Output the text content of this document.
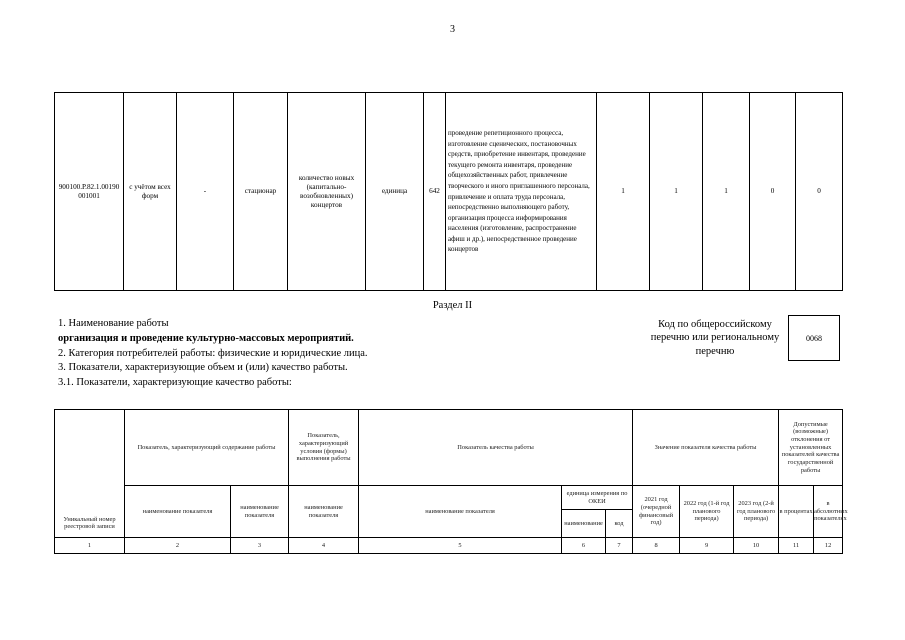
3
900100.Р.82.1.00190 001001	с учётом всех форм	-	стационар	количество новых (капитально-возобновленных) концертов	единица	642	проведение репетиционного процесса, изготовление сценических, постановочных средств, приобретение инвентаря, проведение текущего ремонта инвентаря, проведение общехозяйственных работ, привлечение творческого и иного приглашенного персонала, привлечение и оплата труда персонала, непосредственно выполняющего работу, организация процесса информирования населения (изготовление, распространение афиш и др.), непосредственное проведение концертов	1	1	1	0	0
Раздел II
1. Наименование работы
организация и проведение культурно-массовых мероприятий.
2. Категория потребителей работы: физические и юридические лица.
3. Показатели, характеризующие объем и (или) качество работы.
3.1. Показатели, характеризующие качество работы:
Код по общероссийскому перечню или региональному перечню
0068
Уникальный номер реестровой записи	Показатель, характеризующий содержание работы		Показатель, характеризующий условия (формы) выполнения работы	Показатель качества работы			Значение показателя качества работы			Допустимые (возможные) отклонения от установленных показателей качества государственной работы	
	наименование показателя	наименование показателя	наименование показателя	наименование показателя	единица измерения по ОКЕИ		2021 год (очередной финансовый год)	2022 год (1-й год планового периода)	2023 год (2-й год планового периода)	в процентах	в абсолютных показателях
					наименование	код					
1	2	3	4	5	6	7	8	9	10	11	12
